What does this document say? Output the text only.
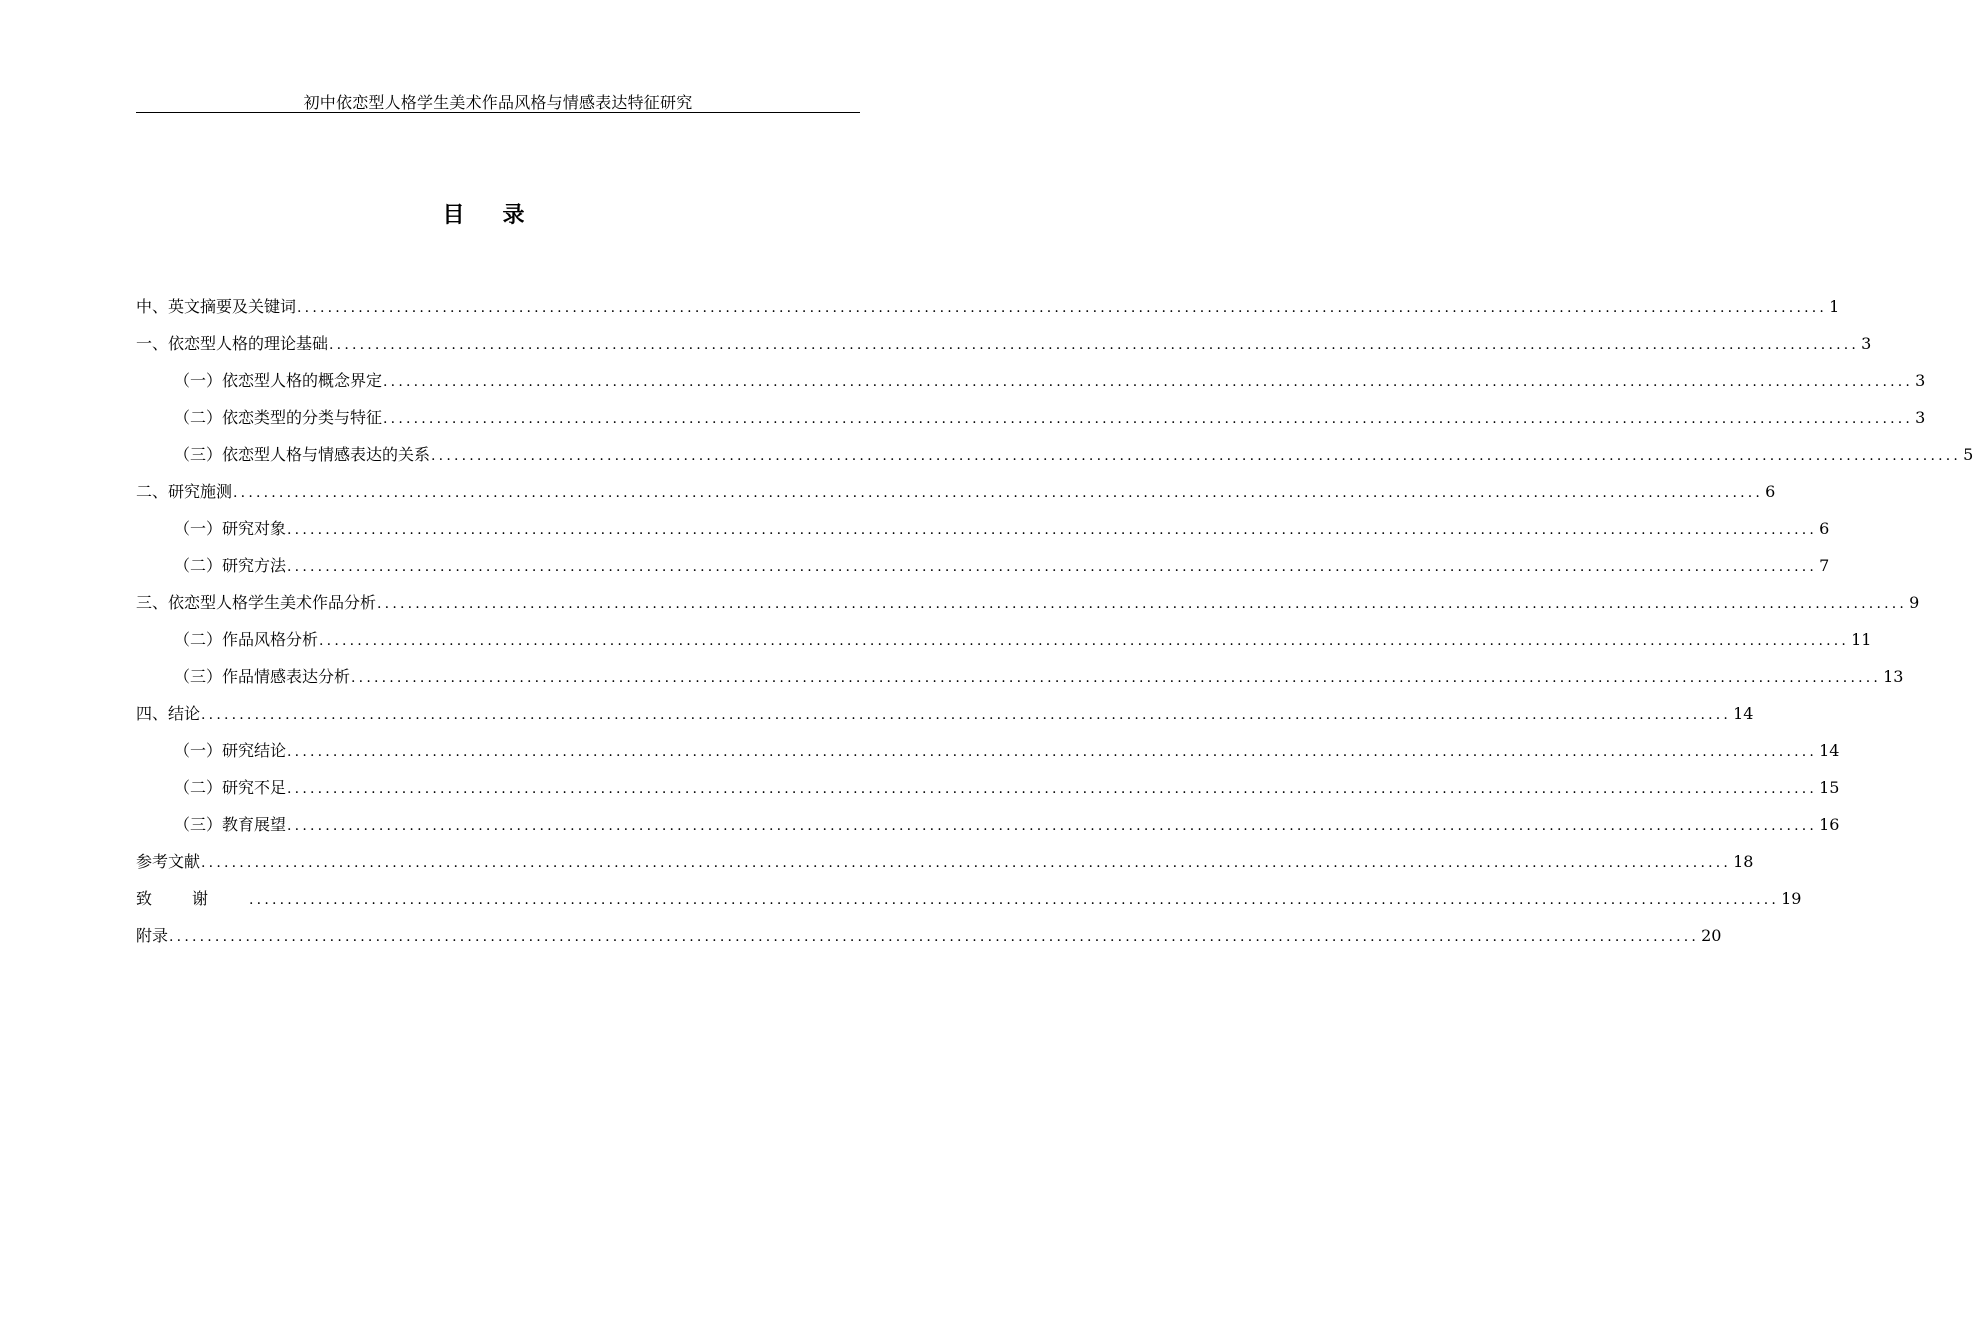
初中依恋型人格学生美术作品风格与情感表达特征研究
目录
中、英文摘要及关键词 ........................................................................................................................................................................................................ 1
一、依恋型人格的理论基础 ........................................................................................................................................................................................................ 3
（一）依恋型人格的概念界定 ........................................................................................................................................................................................................ 3
（二）依恋类型的分类与特征 ........................................................................................................................................................................................................ 3
（三）依恋型人格与情感表达的关系 ........................................................................................................................................................................................................ 5
二、研究施测 ........................................................................................................................................................................................................ 6
（一）研究对象 ........................................................................................................................................................................................................ 6
（二）研究方法 ........................................................................................................................................................................................................ 7
三、依恋型人格学生美术作品分析 ........................................................................................................................................................................................................ 9
（二）作品风格分析 ........................................................................................................................................................................................................ 11
（三）作品情感表达分析 ........................................................................................................................................................................................................ 13
四、结论 ........................................................................................................................................................................................................ 14
（一）研究结论 ........................................................................................................................................................................................................ 14
（二）研究不足 ........................................................................................................................................................................................................ 15
（三）教育展望 ........................................................................................................................................................................................................ 16
参考文献 ........................................................................................................................................................................................................ 18
致谢 ........................................................................................................................................................................................................ 19
附录 ........................................................................................................................................................................................................ 20
